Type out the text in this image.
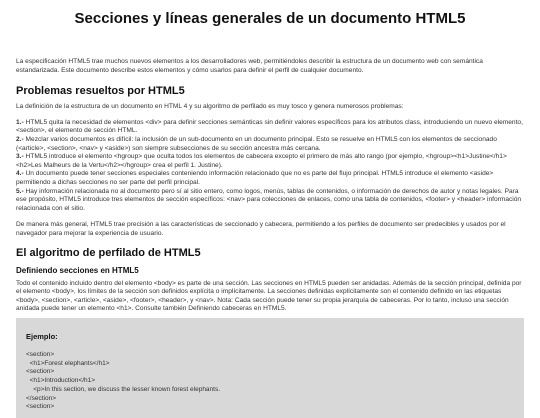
Secciones y líneas generales de un documento HTML5

La especificación HTML5 trae muchos nuevos elementos a los desarrolladores web, permitiéndoles describir la estructura de un documento web con semántica estandarizada. Este documento describe estos elementos y cómo usarlos para definir el perfil de cualquier documento.

Problemas resueltos por HTML5

La definición de la estructura de un documento en HTML 4 y su algoritmo de perfilado es muy tosco y genera numerosos problemas:

1.- HTML5 quita la necesidad de elementos <div> para definir secciones semánticas sin definir valores específicos para los atributos class, introduciendo un nuevo elemento, <section>, el elemento de sección HTML.

2.- Mezclar varios documentos es difícil: la inclusión de un sub-documento en un documento principal. Esto se resuelve en HTML5 con los elementos de seccionado (<article>, <section>, <nav> y <aside>) son siempre subsecciones de su sección ancestra más cercana.

3.- HTML5 introduce el elemento <hgroup> que oculta todos los elementos de cabecera excepto el primero de más alto rango (por ejemplo, <hgroup><h1>Justine</h1><h2>Les Malheurs de la Vertu</h2></hgroup> crea el perfil 1. Justine).

4.- Un documento puede tener secciones especiales conteniendo información relacionado que no es parte del flujo principal. HTML5 introduce el elemento <aside> permitiendo a dichas secciones no ser parte del perfil principal.

5.- Hay información relacionada no al documento pero sí al sitio entero, como logos, menús, tablas de contenidos, o información de derechos de autor y notas legales. Para ese propósito, HTML5 introduce tres elementos de sección específicos: <nav> para colecciones de enlaces, como una tabla de contenidos, <footer> y <header> información relacionada con el sitio.

De manera más general, HTML5 trae precisión a las características de seccionado y cabecera, permitiendo a los perfiles de documento ser predecibles y usados por el navegador para mejorar la experiencia de usuario.

El algoritmo de perfilado de HTML5
Definiendo secciones en HTML5

Todo el contenido incluido dentro del elemento <body> es parte de una sección. Las secciones en HTML5 pueden ser anidadas. Además de la sección principal, definida por el elemento <body>, los límites de la sección son definidos explícita o implícitamente. La secciones definidas explícitamente son el contenido definido en las etiquetas <body>, <section>, <article>, <aside>, <footer>, <header>, y <nav>. Nota: Cada sección puede tener su propia jerarquía de cabeceras. Por lo tanto, incluso una sección anidada puede tener un elemento <h1>. Consulte también Definiendo cabeceras en HTML5.

Ejemplo:

<section>
<h1>Forest elephants</h1>
<section>
<h1>Introduction</h1>
<p>In this section, we discuss the lesser known forest elephants.
</section>
<section>
